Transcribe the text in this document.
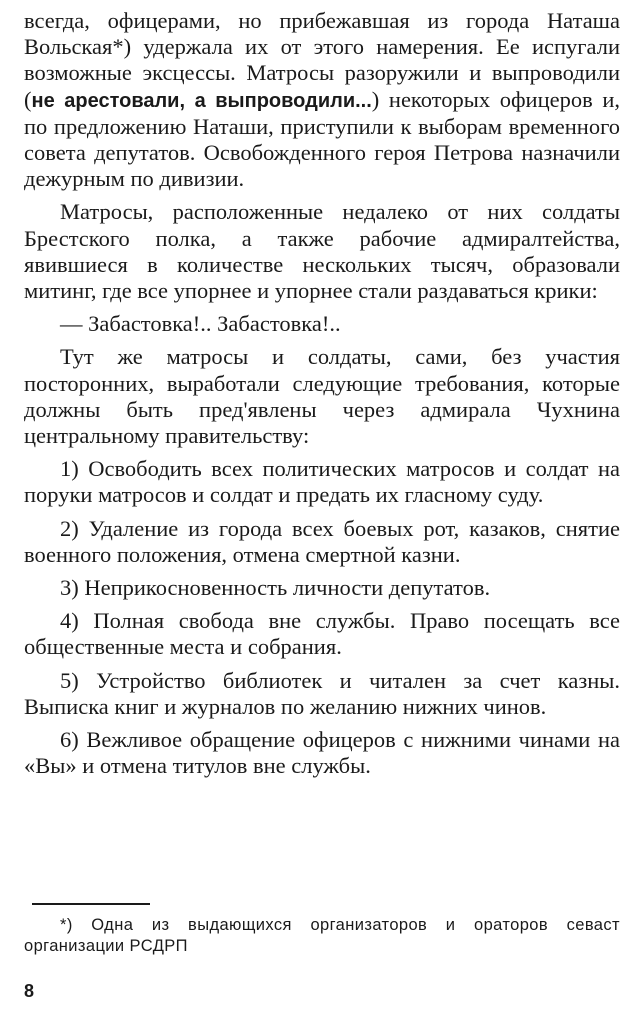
всегда, офицерами, но прибежавшая из города Наташа Вольская*) удержала их от этого намерения. Ее испугали возможные эксцессы. Матросы разоружили и выпроводили (не арестовали, а выпроводили...) некоторых офицеров и, по предложению Наташи, приступили к выборам временного совета депутатов. Освобожденного героя Петрова назначили дежурным по дивизии.

Матросы, расположенные недалеко от них солдаты Брестского полка, а также рабочие адмиралтейства, явившиеся в количестве нескольких тысяч, образовали митинг, где все упорнее и упорнее стали раздаваться крики:

— Забастовка!.. Забастовка!..

Тут же матросы и солдаты, сами, без участия посторонних, выработали следующие требования, которые должны быть пред'явлены через адмирала Чухнина центральному правительству:

1) Освободить всех политических матросов и солдат на поруки матросов и солдат и предать их гласному суду.

2) Удаление из города всех боевых рот, казаков, снятие военного положения, отмена смертной казни.

3) Неприкосновенность личности депутатов.

4) Полная свобода вне службы. Право посещать все общественные места и собрания.

5) Устройство библиотек и читален за счет казны. Выписка книг и журналов по желанию нижних чинов.

6) Вежливое обращение офицеров с нижними чинами на «Вы» и отмена титулов вне службы.

*) Одна из выдающихся организаторов и ораторов севаст организации РСДРП
8
